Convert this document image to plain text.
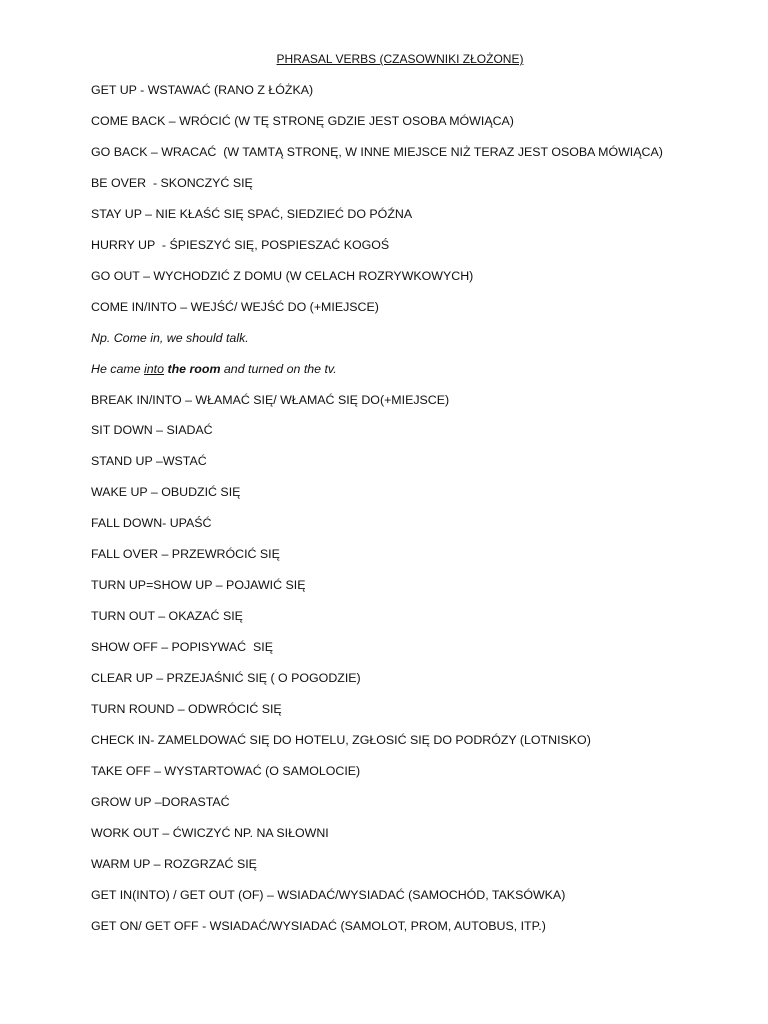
PHRASAL VERBS (CZASOWNIKI ZŁOŻONE)
GET UP - WSTAWAĆ (RANO Z ŁÓŻKA)
COME BACK – WRÓCIĆ (W TĘ STRONĘ GDZIE JEST OSOBA MÓWIĄCA)
GO BACK – WRACAĆ  (W TAMTĄ STRONĘ, W INNE MIEJSCE NIŻ TERAZ JEST OSOBA MÓWIĄCA)
BE OVER  - SKONCZYĆ SIĘ
STAY UP – NIE KŁAŚĆ SIĘ SPAĆ, SIEDZIEĆ DO PÓŹNA
HURRY UP  - ŚPIESZYĆ SIĘ, POSPIESZAĆ KOGOŚ
GO OUT – WYCHODZIĆ Z DOMU (W CELACH ROZRYWKOWYCH)
COME IN/INTO – WEJŚĆ/ WEJŚĆ DO (+MIEJSCE)
Np. Come in, we should talk.
He came into the room and turned on the tv.
BREAK IN/INTO – WŁAMAĆ SIĘ/ WŁAMAĆ SIĘ DO(+MIEJSCE)
SIT DOWN – SIADAĆ
STAND UP –WSTAĆ
WAKE UP – OBUDZIĆ SIĘ
FALL DOWN- UPAŚĆ
FALL OVER – PRZEWRÓCIĆ SIĘ
TURN UP=SHOW UP – POJAWIĆ SIĘ
TURN OUT – OKAZAĆ SIĘ
SHOW OFF – POPISYWAĆ  SIĘ
CLEAR UP – PRZEJAŚNIĆ SIĘ ( O POGODZIE)
TURN ROUND – ODWRÓCIĆ SIĘ
CHECK IN- ZAMELDOWAĆ SIĘ DO HOTELU, ZGŁOSIĆ SIĘ DO PODRÓZY (LOTNISKO)
TAKE OFF – WYSTARTOWAĆ (O SAMOLOCIE)
GROW UP –DORASTAĆ
WORK OUT – ĆWICZYĆ NP. NA SIŁOWNI
WARM UP – ROZGRZAĆ SIĘ
GET IN(INTO) / GET OUT (OF) – WSIADAĆ/WYSIADAĆ (SAMOCHÓD, TAKSÓWKA)
GET ON/ GET OFF - WSIADAĆ/WYSIADAĆ (SAMOLOT, PROM, AUTOBUS, ITP.)
